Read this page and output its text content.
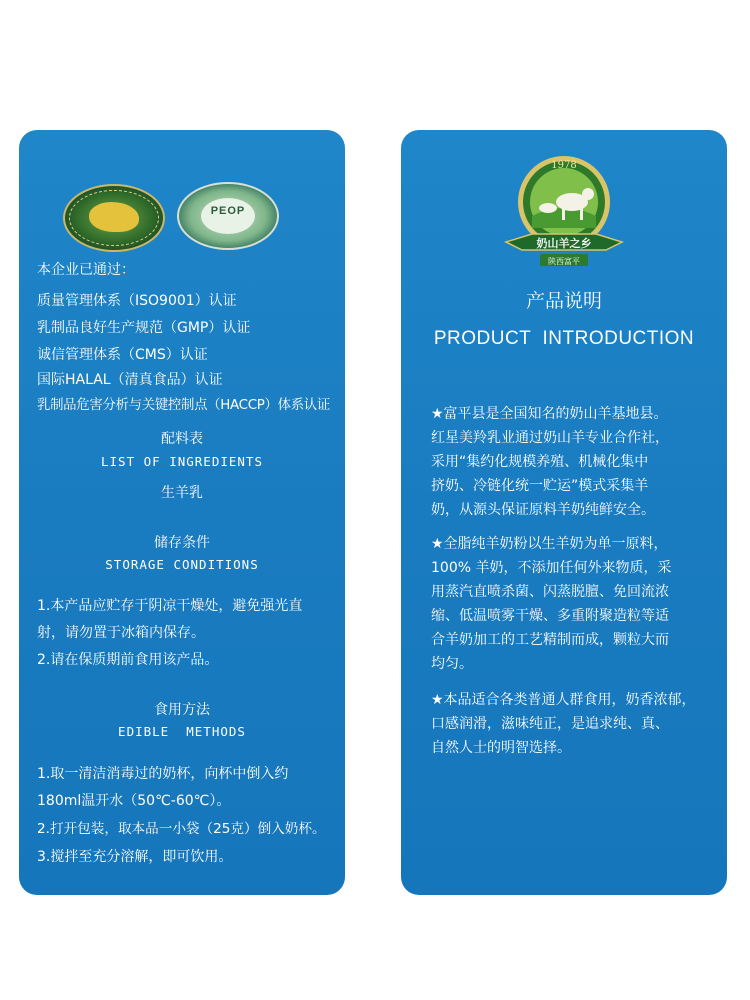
PEOP
本企业已通过：
质量管理体系（ISO9001）认证
乳制品良好生产规范（GMP）认证
诚信管理体系（CMS）认证
国际HALAL（清真食品）认证
乳制品危害分析与关键控制点（HACCP）体系认证
配料表
LIST OF INGREDIENTS
生羊乳
储存条件
STORAGE CONDITIONS
1.本产品应贮存于阴凉干燥处，避免强光直
射，请勿置于冰箱内保存。
2.请在保质期前食用该产品。
食用方法
EDIBLE  METHODS
1.取一清洁消毒过的奶杯，向杯中倒入约
180ml温开水（50℃-60℃）。
2.打开包装，取本品一小袋（25克）倒入奶杯。
3.搅拌至充分溶解，即可饮用。
1978
奶山羊之乡
陕西富平
产品说明
PRODUCT  INTRODUCTION
★富平县是全国知名的奶山羊基地县。
红星美羚乳业通过奶山羊专业合作社，
采用“集约化规模养殖、机械化集中
挤奶、冷链化统一贮运”模式采集羊
奶，从源头保证原料羊奶纯鲜安全。
★全脂纯羊奶粉以生羊奶为单一原料，
100% 羊奶，不添加任何外来物质，采
用蒸汽直喷杀菌、闪蒸脱膻、免回流浓
缩、低温喷雾干燥、多重附聚造粒等适
合羊奶加工的工艺精制而成，颗粒大而
均匀。
★本品适合各类普通人群食用，奶香浓郁，
口感润滑，滋味纯正，是追求纯、真、
自然人士的明智选择。
